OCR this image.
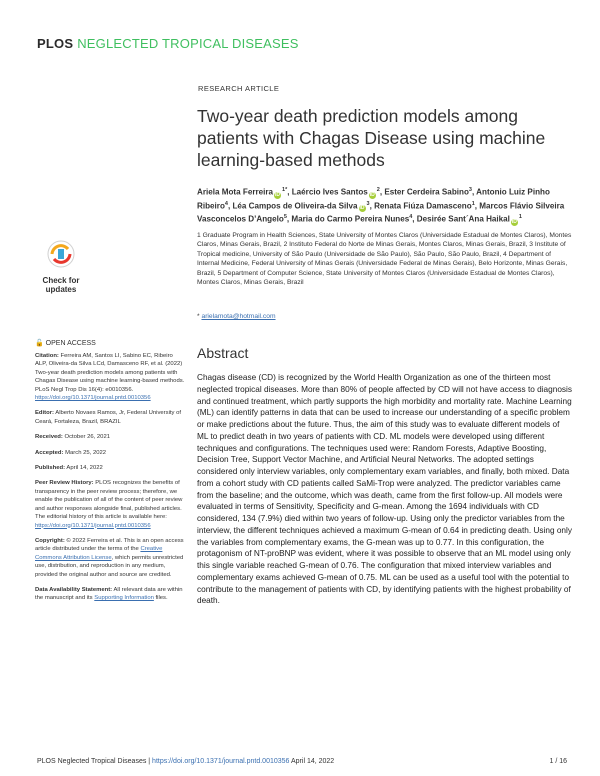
PLOS NEGLECTED TROPICAL DISEASES
RESEARCH ARTICLE
Two-year death prediction models among patients with Chagas Disease using machine learning-based methods
Ariela Mota Ferreira $iD^{1*}$, Laércio Ives Santos $iD^2$, Ester Cerdeira Sabino$^3$, Antonio Luiz Pinho Ribeiro$^4$, Léa Campos de Oliveira-da Silva $iD^3$, Renata Fiúza Damasceno$^1$, Marcos Flávio Silveira Vasconcelos D’Angelo$^5$, Maria do Carmo Pereira Nunes$^4$, Desirée Sant´Ana Haikal $iD^1$
1 Graduate Program in Health Sciences, State University of Montes Claros (Universidade Estadual de Montes Claros), Montes Claros, Minas Gerais, Brazil, 2 Instituto Federal do Norte de Minas Gerais, Montes Claros, Minas Gerais, Brazil, 3 Institute of Tropical medicine, University of São Paulo (Universidade de São Paulo), São Paulo, São Paulo, Brazil, 4 Department of Internal Medicine, Federal University of Minas Gerais (Universidade Federal de Minas Gerais), Belo Horizonte, Minas Gerais, Brazil, 5 Department of Computer Science, State University of Montes Claros (Universidade Estadual de Montes Claros), Montes Claros, Minas Gerais, Brazil
* arielamota@hotmail.com
Abstract

Chagas disease (CD) is recognized by the World Health Organization as one of the thirteen most neglected tropical diseases. More than 80% of people affected by CD will not have access to diagnosis and continued treatment, which partly supports the high morbidity and mortality rate. Machine Learning (ML) can identify patterns in data that can be used to increase our understanding of a specific problem or make predictions about the future. Thus, the aim of this study was to evaluate different models of ML to predict death in two years of patients with CD. ML models were developed using different techniques and configurations. The techniques used were: Random Forests, Adaptive Boosting, Decision Tree, Support Vector Machine, and Artificial Neural Networks. The adopted settings considered only interview variables, only complementary exam variables, and finally, both mixed. Data from a cohort study with CD patients called SaMi-Trop were analyzed. The predictor variables came from the baseline; and the outcome, which was death, came from the first follow-up. All models were evaluated in terms of Sensitivity, Specificity and G-mean. Among the 1694 individuals with CD considered, 134 (7.9%) died within two years of follow-up. Using only the predictor variables from the interview, the different techniques achieved a maximum G-mean of 0.64 in predicting death. Using only the variables from complementary exams, the G-mean was up to 0.77. In this configuration, the protagonism of NT-proBNP was evident, where it was possible to observe that an ML model using only this single variable reached G-mean of 0.76. The configuration that mixed interview variables and complementary exams achieved G-mean of 0.75. ML can be used as a useful tool with the potential to contribute to the management of patients with CD, by identifying patients with the highest probability of death.

Check for updates
🔓 OPEN ACCESS

Citation: Ferreira AM, Santos LI, Sabino EC, Ribeiro ALP, Oliveira-da Silva LCd, Damasceno RF, et al. (2022) Two-year death prediction models among patients with Chagas Disease using machine learning-based methods. PLoS Negl Trop Dis 16(4): e0010356. https://doi.org/10.1371/journal.pntd.0010356

Editor: Alberto Novaes Ramos, Jr, Federal University of Ceará, Fortaleza, Brazil, BRAZIL

Received: October 26, 2021

Accepted: March 25, 2022

Published: April 14, 2022

Peer Review History: PLOS recognizes the benefits of transparency in the peer review process; therefore, we enable the publication of all of the content of peer review and author responses alongside final, published articles. The editorial history of this article is available here: https://doi.org/10.1371/journal.pntd.0010356

Copyright: © 2022 Ferreira et al. This is an open access article distributed under the terms of the Creative Commons Attribution License, which permits unrestricted use, distribution, and reproduction in any medium, provided the original author and source are credited.

Data Availability Statement: All relevant data are within the manuscript and its Supporting Information files.

PLOS Neglected Tropical Diseases | https://doi.org/10.1371/journal.pntd.0010356 April 14, 2022	1 / 16
